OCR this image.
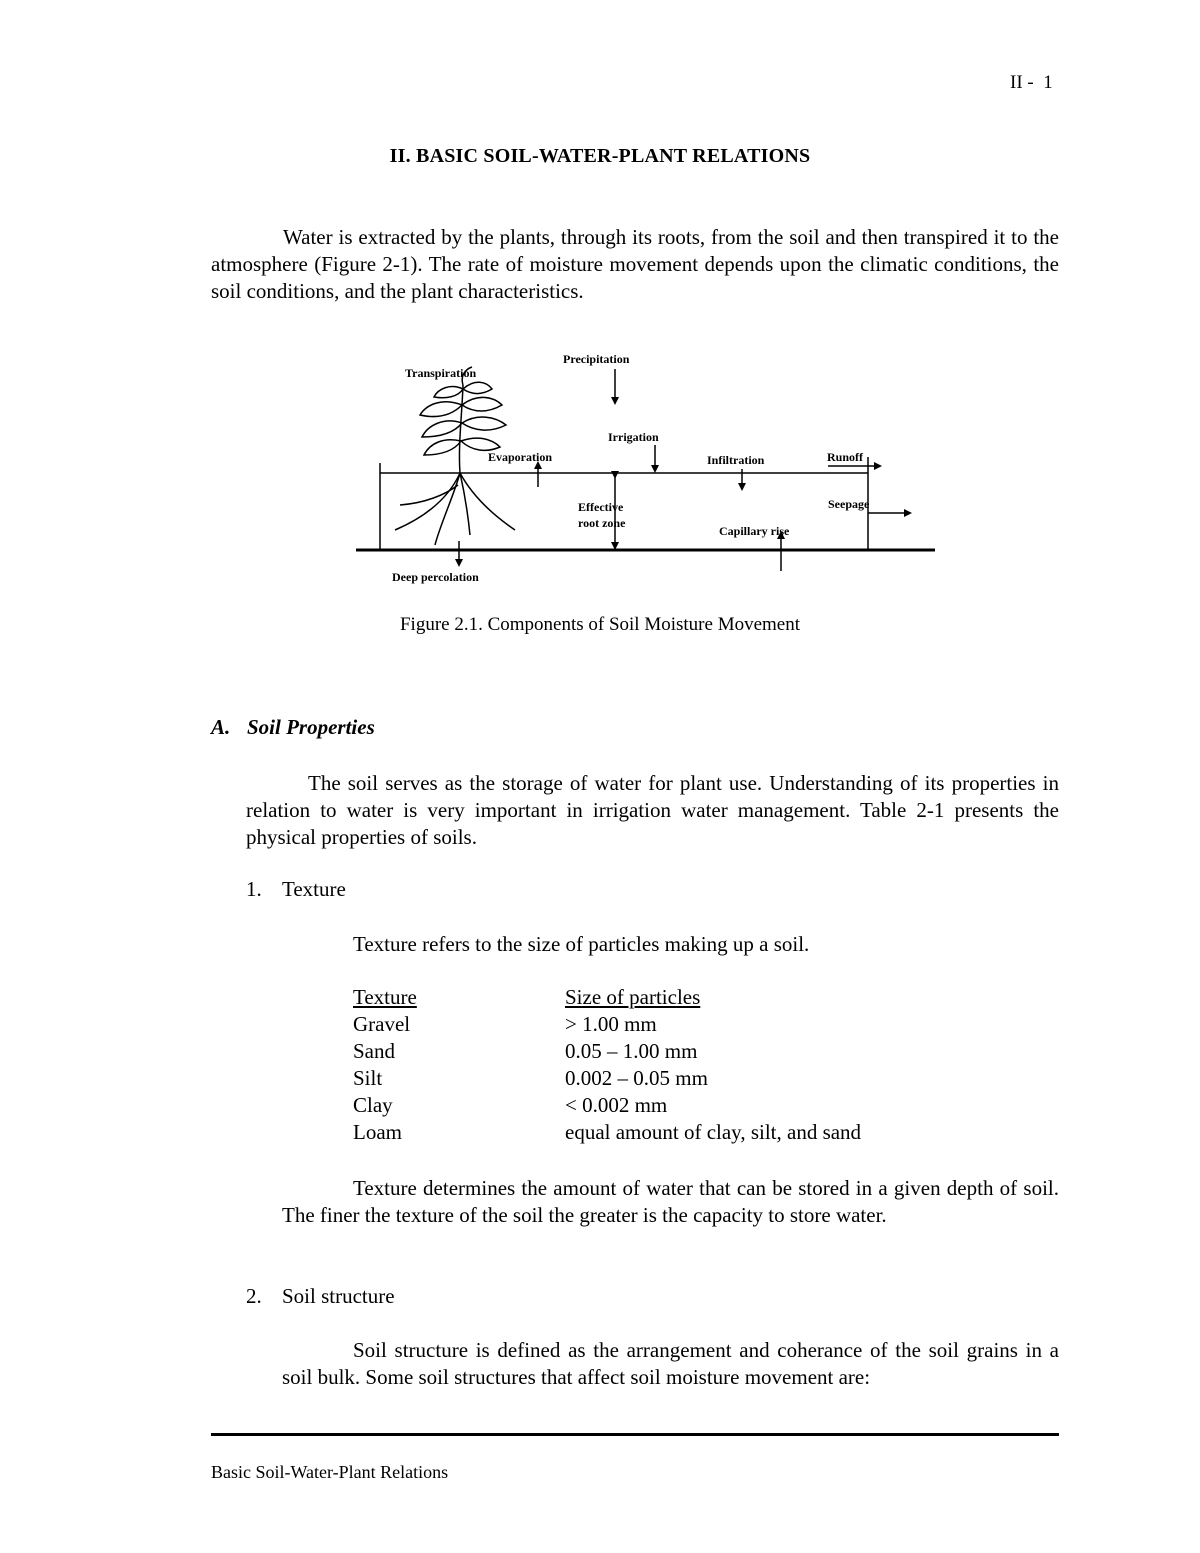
II -  1
II. BASIC SOIL-WATER-PLANT RELATIONS
Water is extracted by the plants, through its roots, from the soil and then transpired it to the atmosphere (Figure 2-1). The rate of moisture movement depends upon the climatic conditions, the soil conditions, and the plant characteristics.
Transpiration
Precipitation
Irrigation
Evaporation	Infiltration	Runoff
Seepage
Effective
root zone
Capillary rise
Deep percolation
Figure 2.1. Components of Soil Moisture Movement
A. Soil Properties
The soil serves as the storage of water for plant use. Understanding of its properties in relation to water is very important in irrigation water management. Table 2-1 presents the physical properties of soils.
1. Texture
Texture refers to the size of particles making up a soil.
Texture	Size of particles
Gravel	> 1.00 mm
Sand	0.05 – 1.00 mm
Silt	0.002 – 0.05 mm
Clay	< 0.002 mm
Loam	equal amount of clay, silt, and sand
Texture determines the amount of water that can be stored in a given depth of soil. The finer the texture of the soil the greater is the capacity to store water.
2. Soil structure
Soil structure is defined as the arrangement and coherance of the soil grains in a soil bulk. Some soil structures that affect soil moisture movement are:
Basic Soil-Water-Plant Relations
